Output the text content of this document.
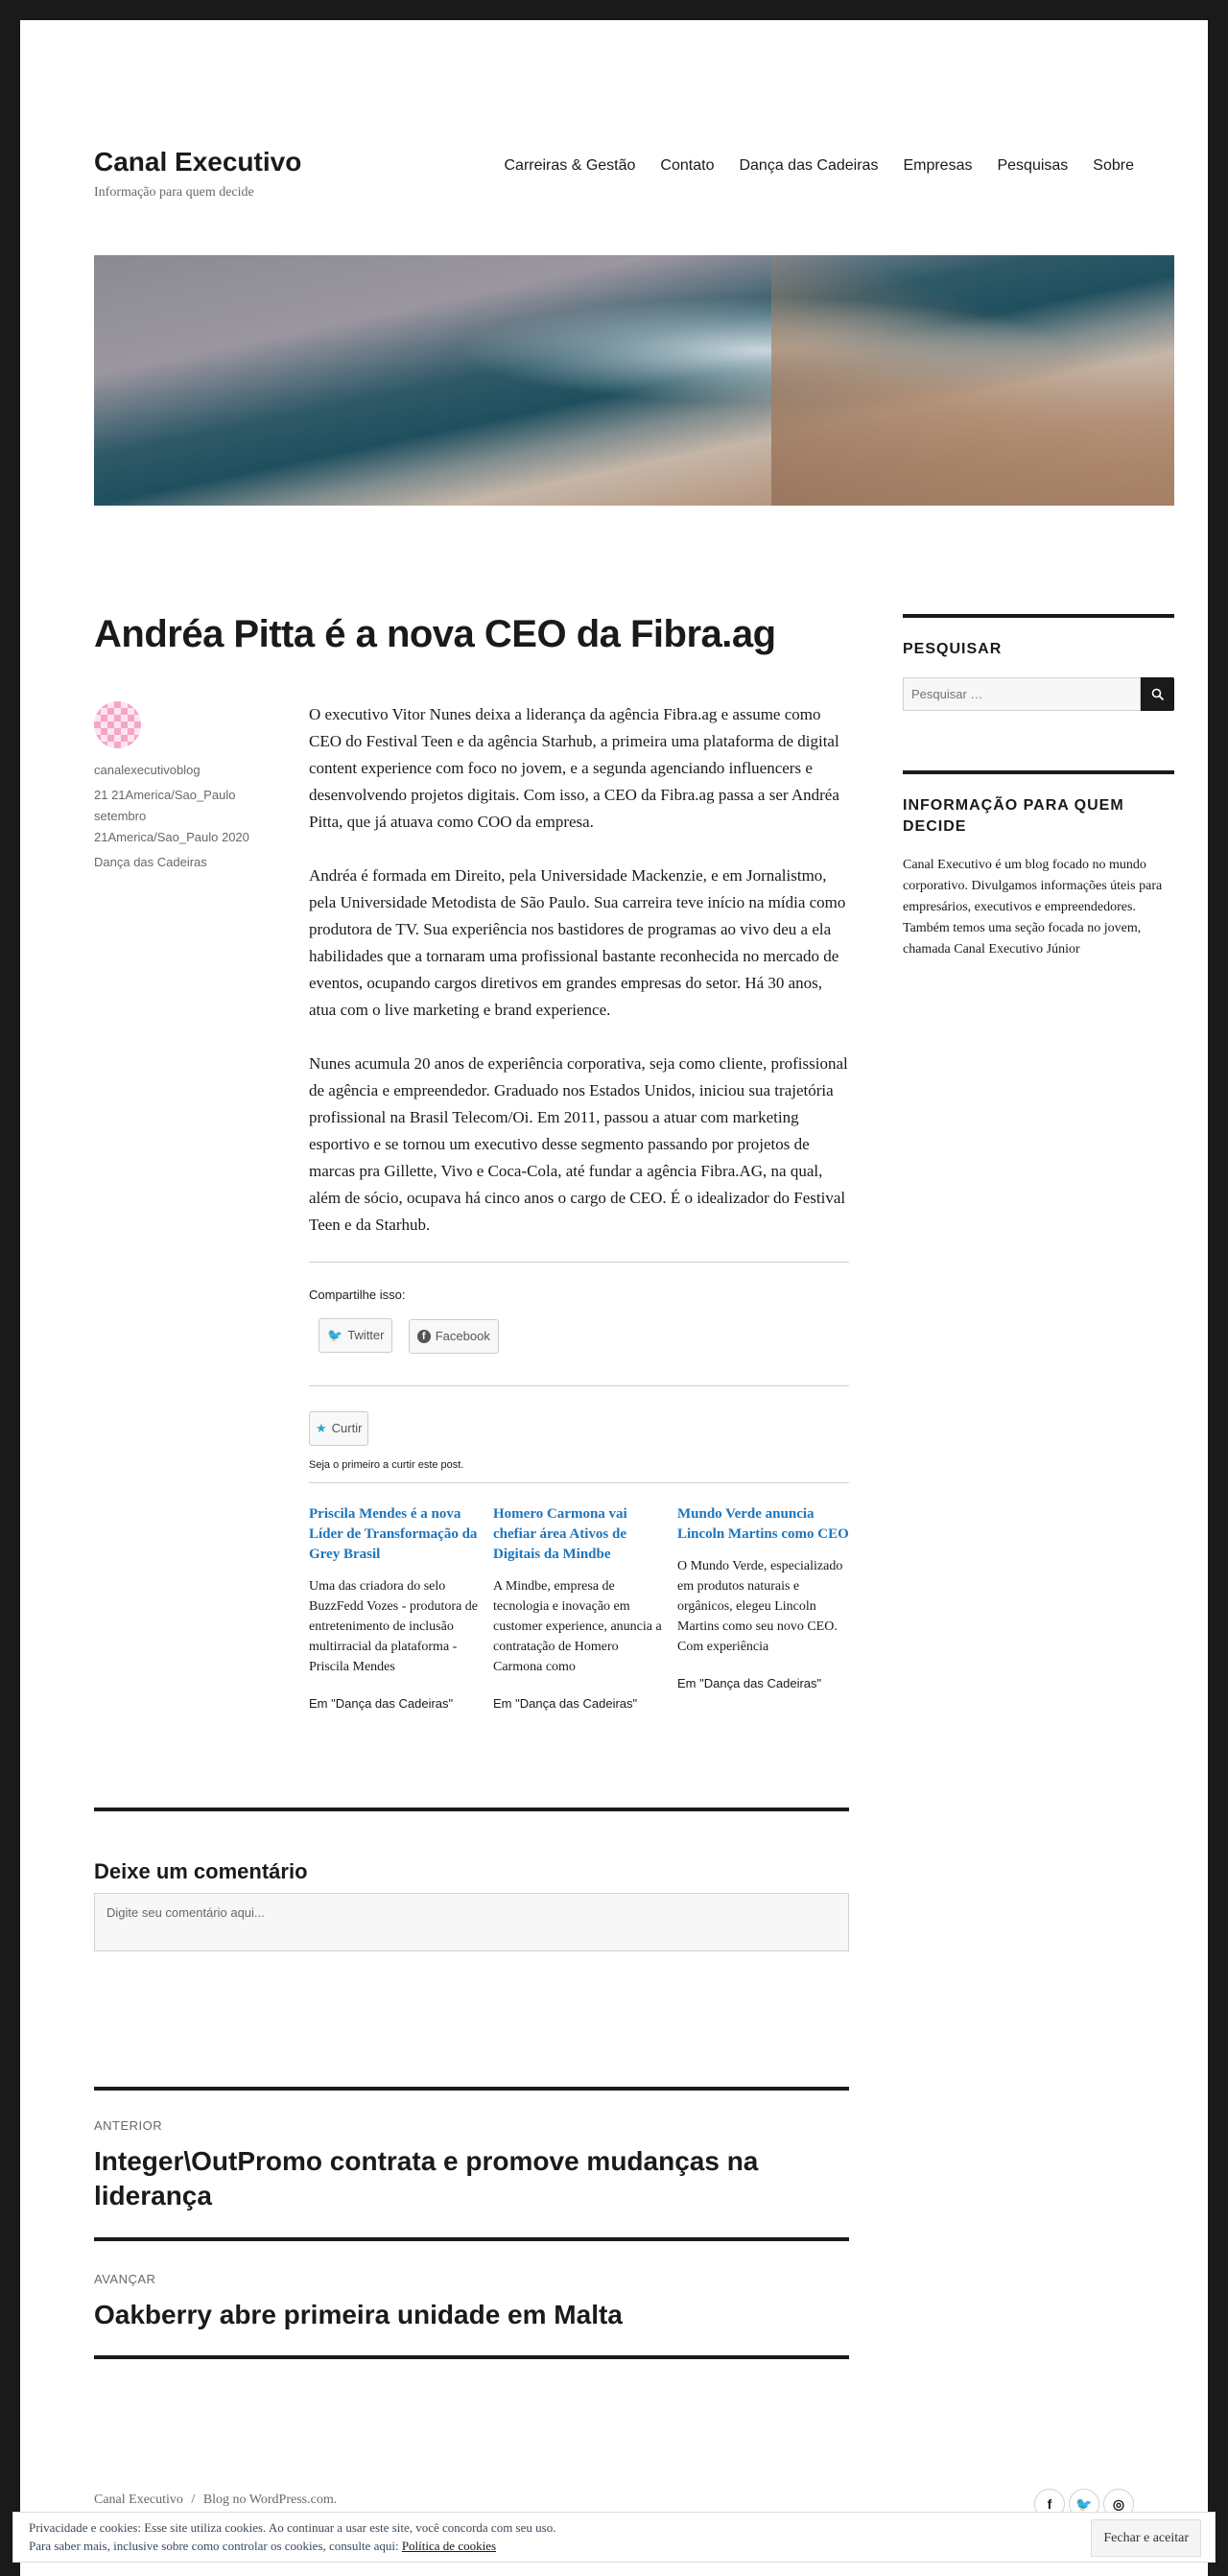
Canal Executivo
Informação para quem decide
Carreiras & Gestão Contato Dança das Cadeiras Empresas Pesquisas Sobre
Andréa Pitta é a nova CEO da Fibra.ag
canalexecutivoblog
21 21America/Sao_Paulo
setembro
21America/Sao_Paulo 2020
Dança das Cadeiras

O executivo Vitor Nunes deixa a liderança da agência Fibra.ag e assume como CEO do Festival Teen e da agência Starhub, a primeira uma plataforma de digital content experience com foco no jovem, e a segunda agenciando influencers e desenvolvendo projetos digitais. Com isso, a CEO da Fibra.ag passa a ser Andréa Pitta, que já atuava como COO da empresa.

Andréa é formada em Direito, pela Universidade Mackenzie, e em Jornalistmo, pela Universidade Metodista de São Paulo. Sua carreira teve início na mídia como produtora de TV. Sua experiência nos bastidores de programas ao vivo deu a ela habilidades que a tornaram uma profissional bastante reconhecida no mercado de eventos, ocupando cargos diretivos em grandes empresas do setor. Há 30 anos, atua com o live marketing e brand experience.

Nunes acumula 20 anos de experiência corporativa, seja como cliente, profissional de agência e empreendedor. Graduado nos Estados Unidos, iniciou sua trajetória profissional na Brasil Telecom/Oi. Em 2011, passou a atuar com marketing esportivo e se tornou um executivo desse segmento passando por projetos de marcas pra Gillette, Vivo e Coca-Cola, até fundar a agência Fibra.AG, na qual, além de sócio, ocupava há cinco anos o cargo de CEO. É o idealizador do Festival Teen e da Starhub.

Compartilhe isso:
🐦 Twitter
	f Facebook
★ Curtir
Seja o primeiro a curtir este post.
Priscila Mendes é a nova Líder de Transformação da Grey Brasil
Uma das criadora do selo BuzzFedd Vozes - produtora de entretenimento de inclusão multirracial da plataforma - Priscila Mendes
Em "Dança das Cadeiras"
Homero Carmona vai chefiar área Ativos de Digitais da Mindbe
A Mindbe, empresa de tecnologia e inovação em customer experience, anuncia a contratação de Homero Carmona como
Em "Dança das Cadeiras"
Mundo Verde anuncia Lincoln Martins como CEO
O Mundo Verde, especializado em produtos naturais e orgânicos, elegeu Lincoln Martins como seu novo CEO. Com experiência
Em "Dança das Cadeiras"
PESQUISAR
Pesquisar …
INFORMAÇÃO PARA QUEM DECIDE
Canal Executivo é um blog focado no mundo corporativo. Divulgamos informações úteis para empresários, executivos e empreendedores. Também temos uma seção focada no jovem, chamada Canal Executivo Júnior
Deixe um comentário
Digite seu comentário aqui...
ANTERIOR
Integer\OutPromo contrata e promove mudanças na liderança
AVANÇAR
Oakberry abre primeira unidade em Malta
Canal Executivo / Blog no WordPress.com.	f	🐦	◎
Privacidade e cookies: Esse site utiliza cookies. Ao continuar a usar este site, você concorda com seu uso.
Para saber mais, inclusive sobre como controlar os cookies, consulte aqui: Política de cookies
Fechar e aceitar
